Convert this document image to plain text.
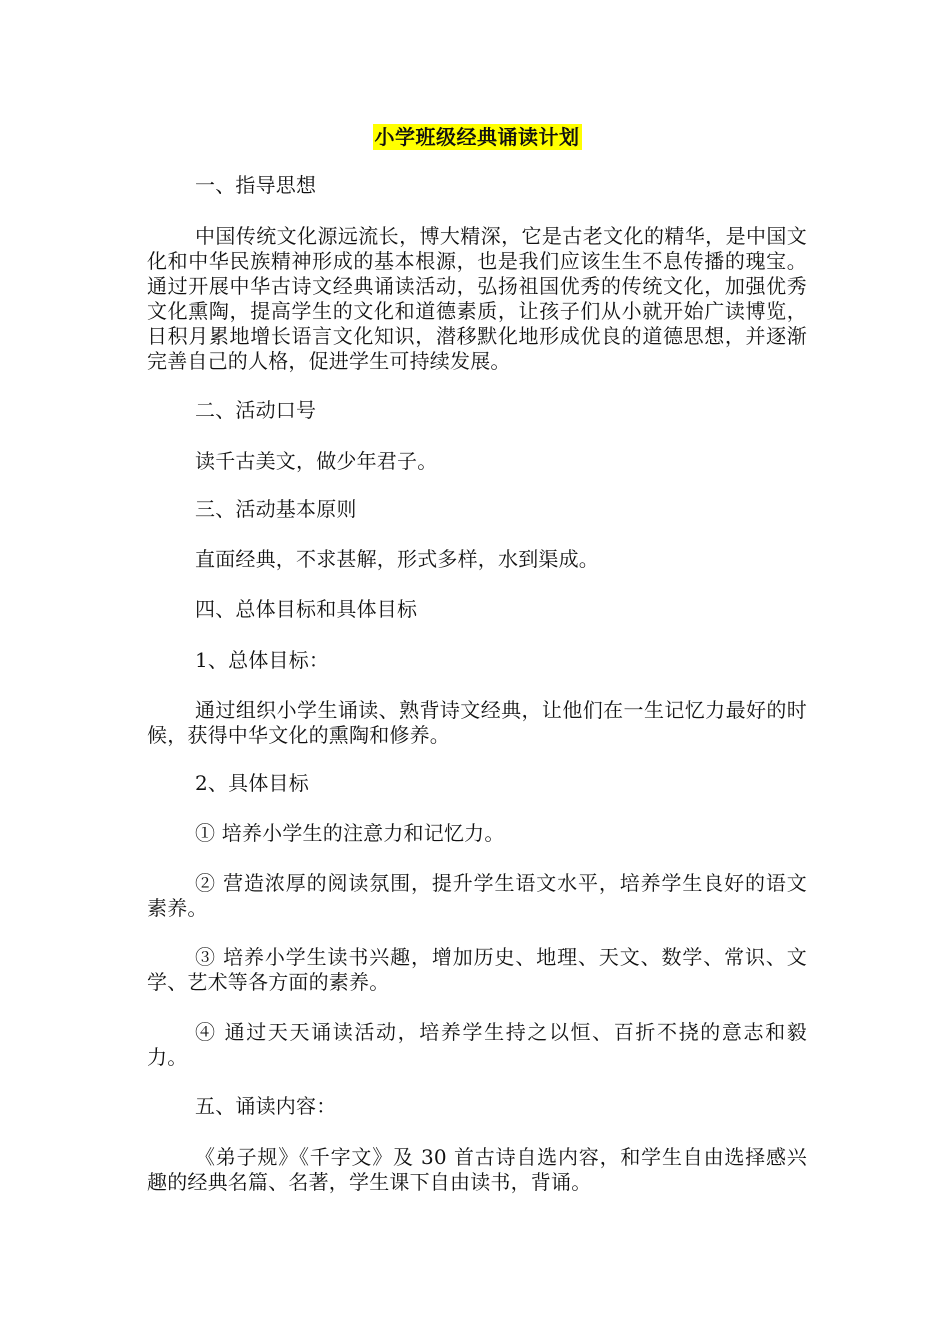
小学班级经典诵读计划

一、指导思想

中国传统文化源远流长，博大精深，它是古老文化的精华，是中国文化和中华民族精神形成的基本根源，也是我们应该生生不息传播的瑰宝。通过开展中华古诗文经典诵读活动，弘扬祖国优秀的传统文化，加强优秀文化熏陶，提高学生的文化和道德素质，让孩子们从小就开始广读博览，日积月累地增长语言文化知识，潜移默化地形成优良的道德思想，并逐渐完善自己的人格，促进学生可持续发展。

二、活动口号

读千古美文，做少年君子。

三、活动基本原则

直面经典，不求甚解，形式多样，水到渠成。

四、总体目标和具体目标

1、总体目标：

通过组织小学生诵读、熟背诗文经典，让他们在一生记忆力最好的时候，获得中华文化的熏陶和修养。

2、具体目标

① 培养小学生的注意力和记忆力。

② 营造浓厚的阅读氛围，提升学生语文水平，培养学生良好的语文素养。

③ 培养小学生读书兴趣，增加历史、地理、天文、数学、常识、文学、艺术等各方面的素养。

④ 通过天天诵读活动，培养学生持之以恒、百折不挠的意志和毅力。

五、诵读内容：

《弟子规》《千字文》及 30 首古诗自选内容，和学生自由选择感兴趣的经典名篇、名著，学生课下自由读书，背诵。
